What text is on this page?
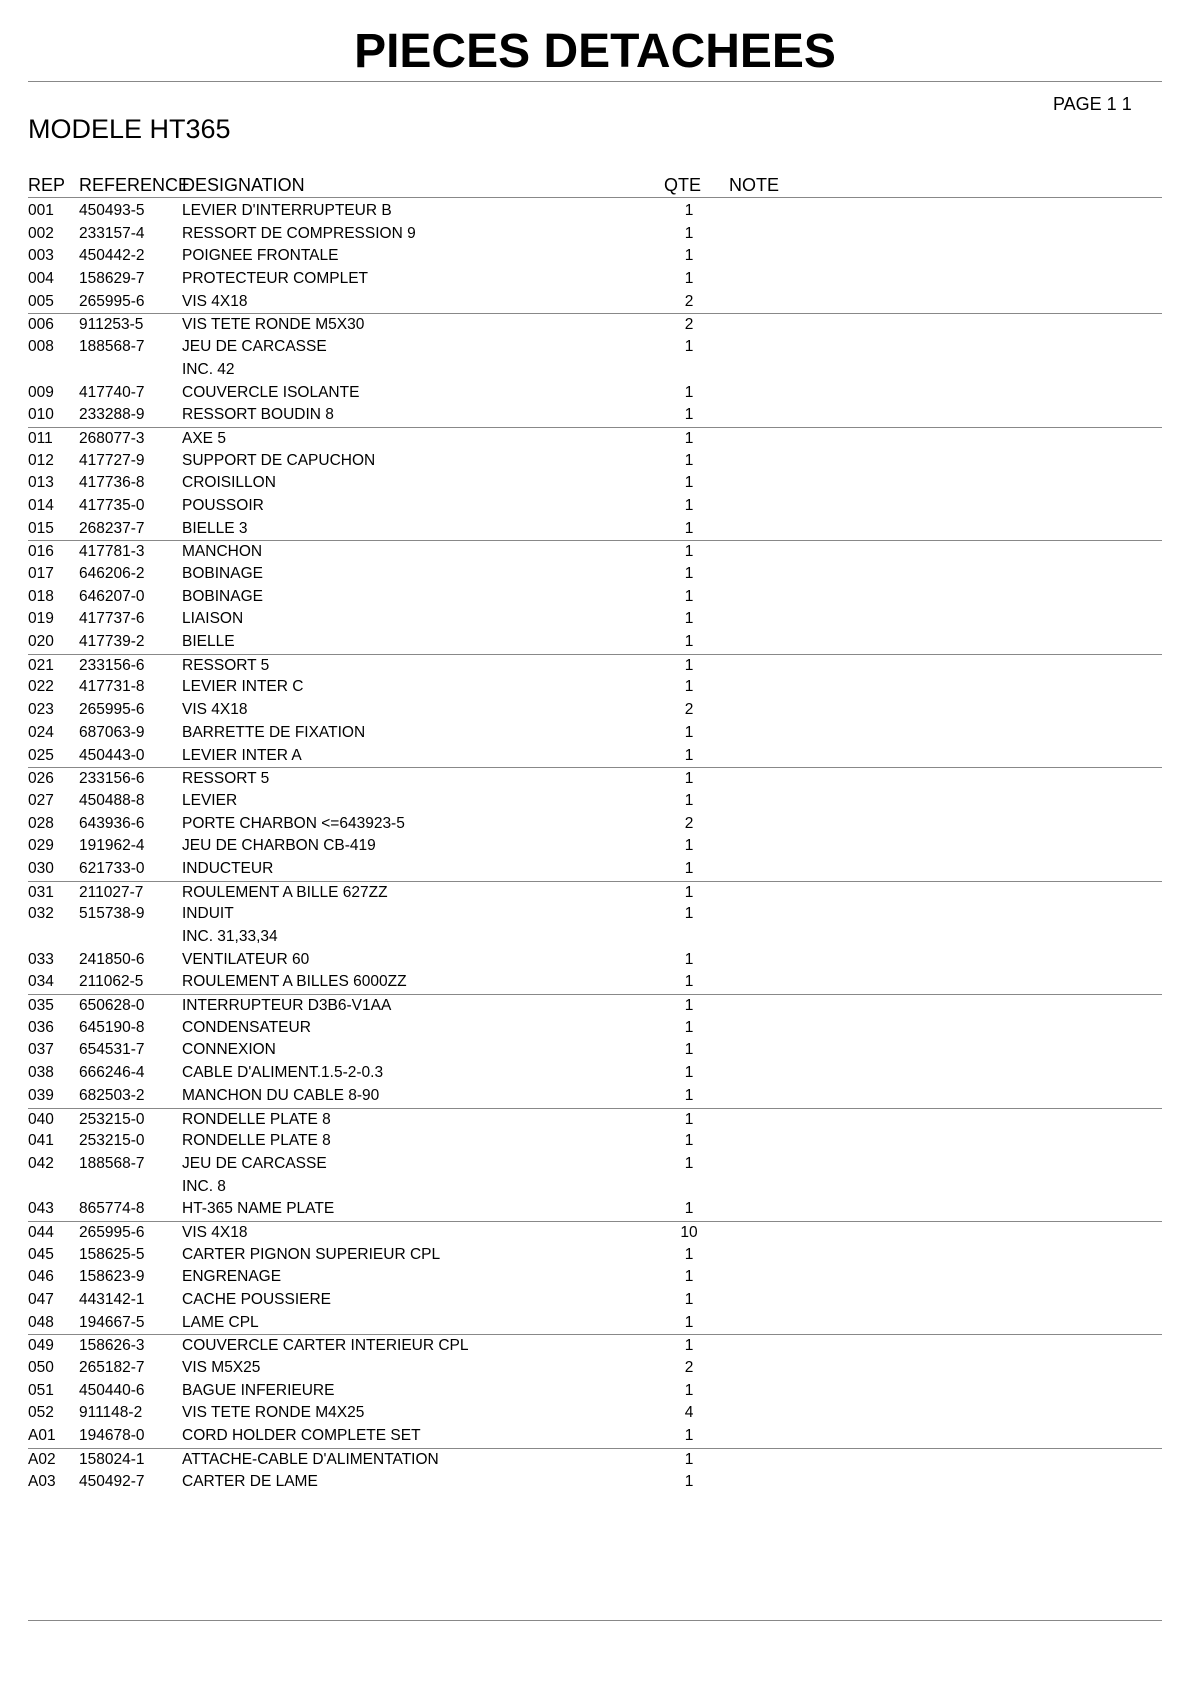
PIECES DETACHEES
PAGE 1 1
MODELE HT365
REP REFERENCE
DESIGNATION	QTE NOTE
001 450493-5 LEVIER D'INTERRUPTEUR B	1
002 233157-4 RESSORT DE COMPRESSION 9	1
003 450442-2 POIGNEE FRONTALE	1
004 158629-7 PROTECTEUR COMPLET	1
005 265995-6 VIS 4X18	2
006 911253-5 VIS TETE RONDE M5X30	2
008 188568-7 JEU DE CARCASSE	1
INC. 42
009 417740-7 COUVERCLE ISOLANTE	1
010 233288-9 RESSORT BOUDIN 8	1
011 268077-3 AXE 5	1
012 417727-9 SUPPORT DE CAPUCHON	1
013 417736-8 CROISILLON	1
014 417735-0 POUSSOIR	1
015 268237-7 BIELLE 3	1
016 417781-3 MANCHON	1
017 646206-2 BOBINAGE	1
018 646207-0 BOBINAGE	1
019 417737-6 LIAISON	1
020 417739-2 BIELLE	1
021 233156-6 RESSORT 5	1
022 417731-8 LEVIER INTER C	1
023 265995-6 VIS 4X18	2
024 687063-9 BARRETTE DE FIXATION	1
025 450443-0 LEVIER INTER A	1
026 233156-6 RESSORT 5	1
027 450488-8 LEVIER	1
028 643936-6 PORTE CHARBON <=643923-5	2
029 191962-4 JEU DE CHARBON CB-419	1
030 621733-0 INDUCTEUR	1
031 211027-7 ROULEMENT A BILLE 627ZZ	1
032 515738-9 INDUIT	1
INC. 31,33,34
033 241850-6 VENTILATEUR 60	1
034 211062-5 ROULEMENT A BILLES 6000ZZ	1
035 650628-0 INTERRUPTEUR D3B6-V1AA	1
036 645190-8 CONDENSATEUR	1
037 654531-7 CONNEXION	1
038 666246-4 CABLE D'ALIMENT.1.5-2-0.3	1
039 682503-2 MANCHON DU CABLE 8-90	1
040 253215-0 RONDELLE PLATE 8	1
041 253215-0 RONDELLE PLATE 8	1
042 188568-7 JEU DE CARCASSE	1
INC. 8
043 865774-8 HT-365 NAME PLATE	1
044 265995-6 VIS 4X18	10
045 158625-5 CARTER PIGNON SUPERIEUR CPL	1
046 158623-9 ENGRENAGE	1
047 443142-1 CACHE POUSSIERE	1
048 194667-5 LAME CPL	1
049 158626-3 COUVERCLE CARTER INTERIEUR CPL	1
050 265182-7 VIS M5X25	2
051 450440-6 BAGUE INFERIEURE	1
052 911148-2	VIS TETE RONDE M4X25	4
A01 194678-0 CORD HOLDER COMPLETE SET	1
A02 158024-1 ATTACHE-CABLE D'ALIMENTATION	1
A03 450492-7 CARTER DE LAME	1
